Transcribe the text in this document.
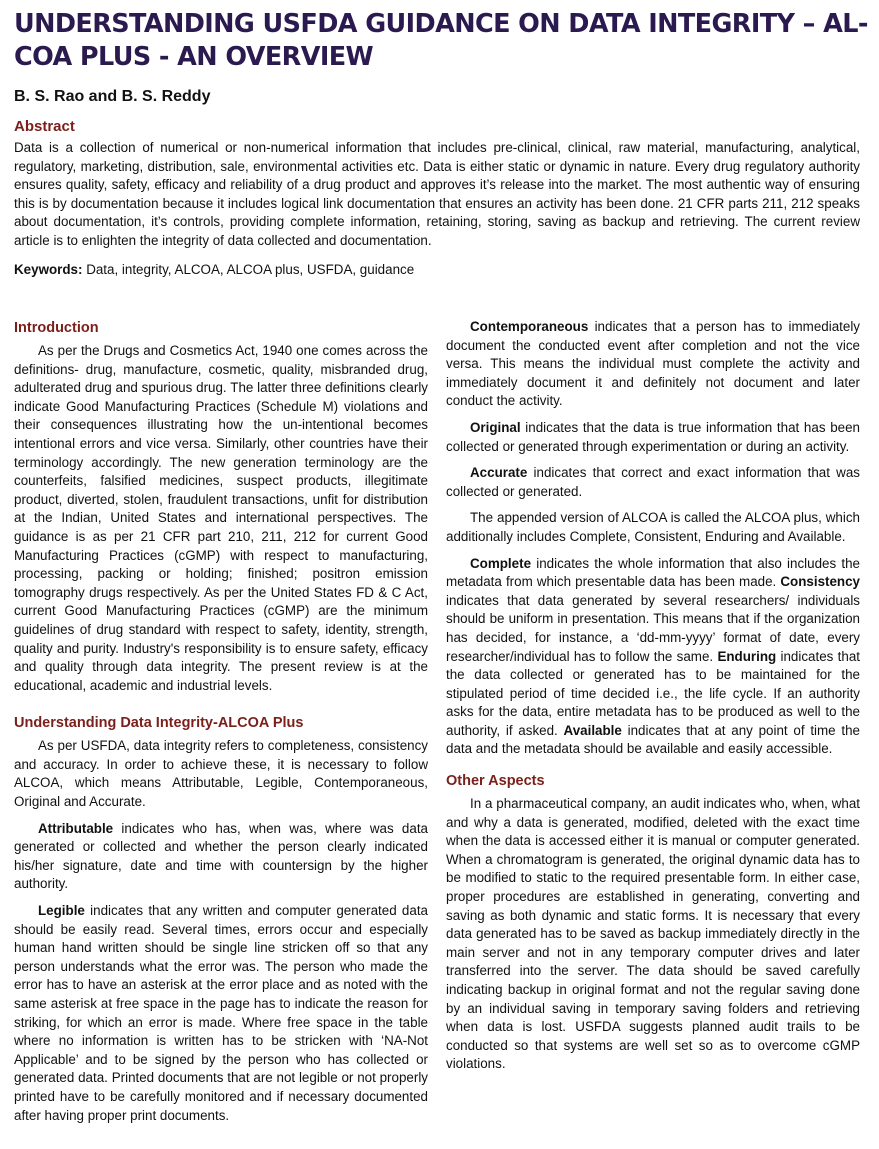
UNDERSTANDING USFDA GUIDANCE ON DATA INTEGRITY – AL-COA PLUS - AN OVERVIEW

B. S. Rao and B. S. Reddy

Abstract

Data is a collection of numerical or non-numerical information that includes pre-clinical, clinical, raw material, manufacturing, analytical, regulatory, marketing, distribution, sale, environmental activities etc. Data is either static or dynamic in nature. Every drug regulatory authority ensures quality, safety, efficacy and reliability of a drug product and approves it’s release into the market. The most authentic way of ensuring this is by documentation because it includes logical link documentation that ensures an activity has been done. 21 CFR parts 211, 212 speaks about documentation, it’s controls, providing complete information, retaining, storing, saving as backup and retrieving. The current review article is to enlighten the integrity of data collected and documentation.

Keywords: Data, integrity, ALCOA, ALCOA plus, USFDA, guidance

Introduction

As per the Drugs and Cosmetics Act, 1940 one comes across the definitions- drug, manufacture, cosmetic, quality, misbranded drug, adulterated drug and spurious drug. The latter three definitions clearly indicate Good Manufacturing Practices (Schedule M) violations and their consequences illustrating how the un-intentional becomes intentional errors and vice versa. Similarly, other countries have their terminology accordingly. The new generation terminology are the counterfeits, falsified medicines, suspect products, illegitimate product, diverted, stolen, fraudulent transactions, unfit for distribution at the Indian, United States and international perspectives. The guidance is as per 21 CFR part 210, 211, 212 for current Good Manufacturing Practices (cGMP) with respect to manufacturing, processing, packing or holding; finished; positron emission tomography drugs respectively. As per the United States FD & C Act, current Good Manufacturing Practices (cGMP) are the minimum guidelines of drug standard with respect to safety, identity, strength, quality and purity. Industry's responsibility is to ensure safety, efficacy and quality through data integrity. The present review is at the educational, academic and industrial levels.

Understanding Data Integrity-ALCOA Plus

As per USFDA, data integrity refers to completeness, consistency and accuracy. In order to achieve these, it is necessary to follow ALCOA, which means Attributable, Legible, Contemporaneous, Original and Accurate.

Attributable indicates who has, when was, where was data generated or collected and whether the person clearly indicated his/her signature, date and time with countersign by the higher authority.

Legible indicates that any written and computer generated data should be easily read. Several times, errors occur and especially human hand written should be single line stricken off so that any person understands what the error was. The person who made the error has to have an asterisk at the error place and as noted with the same asterisk at free space in the page has to indicate the reason for striking, for which an error is made. Where free space in the table where no information is written has to be stricken with ‘NA-Not Applicable’ and to be signed by the person who has collected or generated data. Printed documents that are not legible or not properly printed have to be carefully monitored and if necessary documented after having proper print documents.

Contemporaneous indicates that a person has to immediately document the conducted event after completion and not the vice versa. This means the individual must complete the activity and immediately document it and definitely not document and later conduct the activity.

Original indicates that the data is true information that has been collected or generated through experimentation or during an activity.

Accurate indicates that correct and exact information that was collected or generated.

The appended version of ALCOA is called the ALCOA plus, which additionally includes Complete, Consistent, Enduring and Available.

Complete indicates the whole information that also includes the metadata from which presentable data has been made. Consistency indicates that data generated by several researchers/ individuals should be uniform in presentation. This means that if the organization has decided, for instance, a ‘dd-mm-yyyy’ format of date, every researcher/individual has to follow the same. Enduring indicates that the data collected or generated has to be maintained for the stipulated period of time decided i.e., the life cycle. If an authority asks for the data, entire metadata has to be produced as well to the authority, if asked. Available indicates that at any point of time the data and the metadata should be available and easily accessible.

Other Aspects

In a pharmaceutical company, an audit indicates who, when, what and why a data is generated, modified, deleted with the exact time when the data is accessed either it is manual or computer generated. When a chromatogram is generated, the original dynamic data has to be modified to static to the required presentable form. In either case, proper procedures are established in generating, converting and saving as both dynamic and static forms. It is necessary that every data generated has to be saved as backup immediately directly in the main server and not in any temporary computer drives and later transferred into the server. The data should be saved carefully indicating backup in original format and not the regular saving done by an individual saving in temporary saving folders and retrieving when data is lost. USFDA suggests planned audit trails to be conducted so that systems are well set so as to overcome cGMP violations.
